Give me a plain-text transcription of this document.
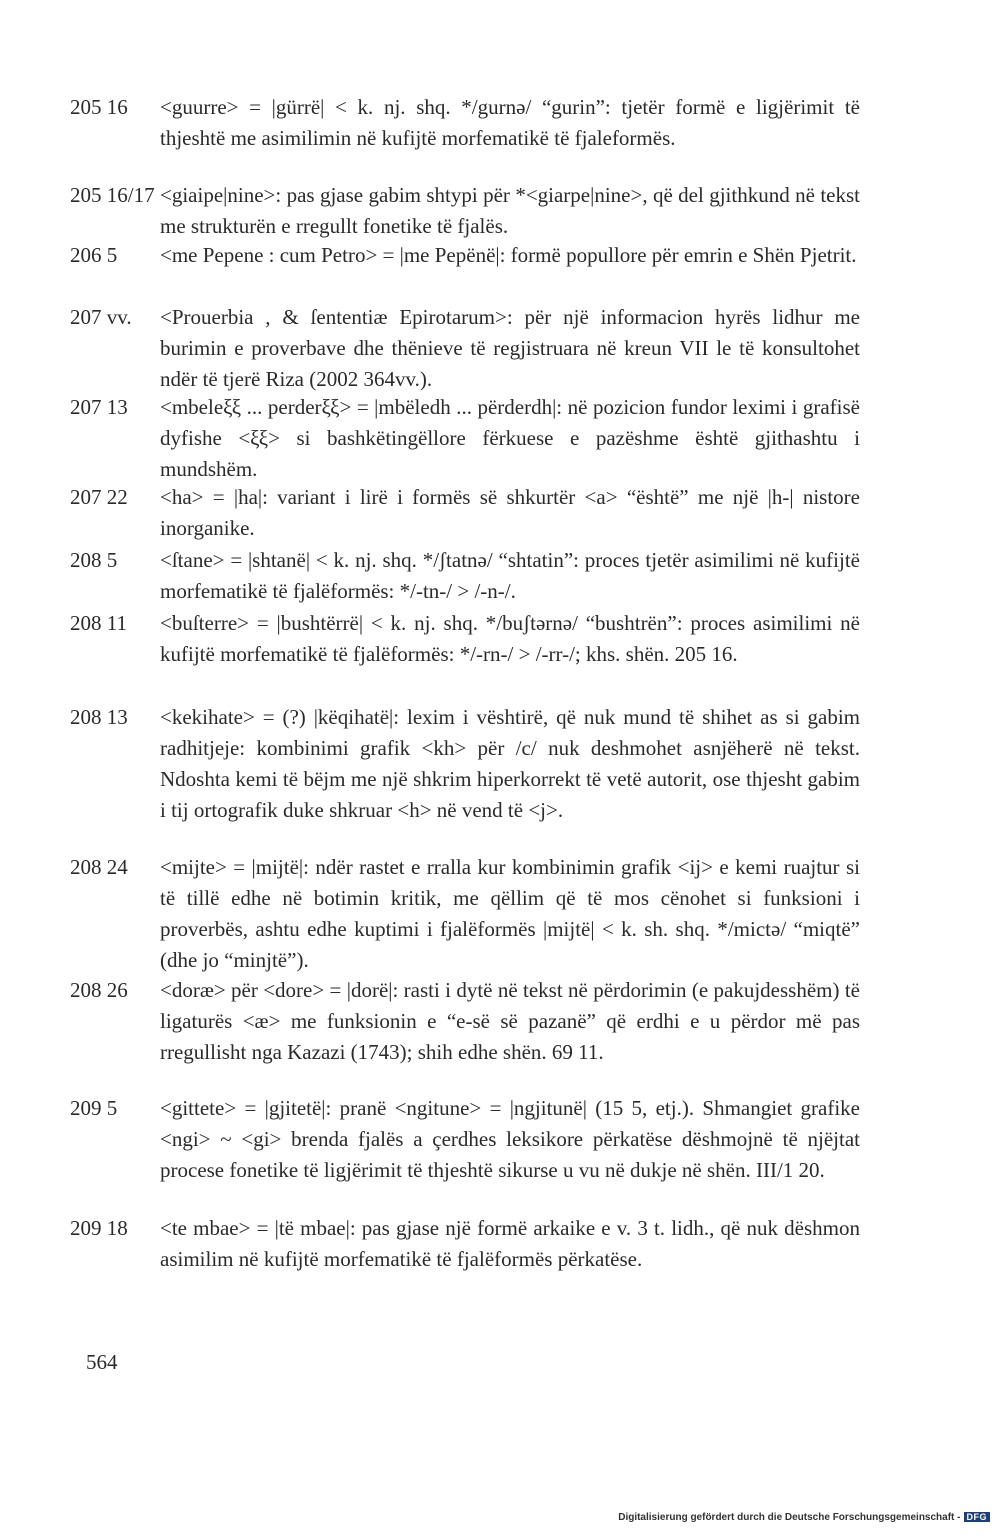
205 16 <guurre> = |gürrë| < k. nj. shq. */gurnə/ “gurin”: tjetër formë e ligjërimit të thjeshtë me asimilimin në kufijtë morfematikë të fjaleformës.
205 16/17 <giaipe|nine>: pas gjase gabim shtypi për *<giarpe|nine>, që del gjithkund në tekst me strukturën e rregullt fonetike të fjalës.
206 5 <me Pepene : cum Petro> = |me Pepënë|: formë popullore për emrin e Shën Pjetrit.
207 vv. <Prouerbia , & ſententiæ Epirotarum>: për një informacion hyrës lidhur me burimin e proverbave dhe thënieve të regjistruara në kreun VII le të konsultohet ndër të tjerë Riza (2002 364vv.).
207 13 <mbeleξξ ... perderξξ> = |mbëledh ... përderdh|: në pozicion fundor leximi i grafisë dyfishe <ξξ> si bashkëtingëllore fërkuese e pazëshme është gjithashtu i mundshëm.
207 22 <ha> = |ha|: variant i lirë i formës së shkurtër <a> “është” me një |h-| nistore inorganike.
208 5 <ſtane> = |shtanë| < k. nj. shq. */ʃtatnə/ “shtatin”: proces tjetër asimilimi në kufijtë morfematikë të fjalëformës: */-tn-/ > /-n-/.
208 11 <buſterre> = |bushtërrë| < k. nj. shq. */buʃtərnə/ “bushtrën”: proces asimilimi në kufijtë morfematikë të fjalëformës: */-rn-/ > /-rr-/; khs. shën. 205 16.
208 13 <kekihate> = (?) |këqihatë|: lexim i vështirë, që nuk mund të shihet as si gabim radhitjeje: kombinimi grafik <kh> për /c/ nuk deshmohet asnjëherë në tekst. Ndoshta kemi të bëjm me një shkrim hiperkorrekt të vetë autorit, ose thjesht gabim i tij ortografik duke shkruar <h> në vend të <j>.
208 24 <mijte> = |mijtë|: ndër rastet e rralla kur kombinimin grafik <ij> e kemi ruajtur si të tillë edhe në botimin kritik, me qëllim që të mos cënohet si funksioni i proverbës, ashtu edhe kuptimi i fjalëformës |mijtë| < k. sh. shq. */mictə/ “miqtë” (dhe jo “minjtë”).
208 26 <doræ> për <dore> = |dorë|: rasti i dytë në tekst në përdorimin (e pakujdesshëm) të ligaturës <æ> me funksionin e “e-së së pazanë” që erdhi e u përdor më pas rregullisht nga Kazazi (1743); shih edhe shën. 69 11.
209 5 <gittete> = |gjitetë|: pranë <ngitune> = |ngjitunë| (15 5, etj.). Shmangiet grafike <ngi> ~ <gi> brenda fjalës a çerdhes leksikore përkatëse dëshmojnë të njëjtat procese fonetike të ligjërimit të thjeshtë sikurse u vu në dukje në shën. III/1 20.
209 18 <te mbae> = |të mbae|: pas gjase një formë arkaike e v. 3 t. lidh., që nuk dëshmon asimilim në kufijtë morfematikë të fjalëformës përkatëse.
564
Digitalisierung gefördert durch die Deutsche Forschungsgemeinschaft - DFG
